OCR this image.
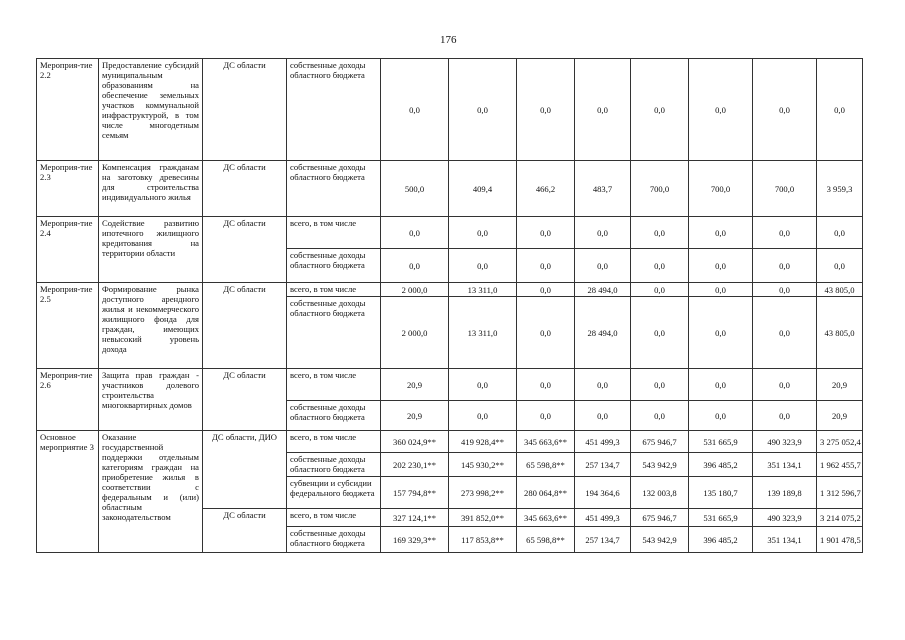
176
Мероприя-тие 2.2	Предоставление субсидий муниципальным образованиям на обеспечение земельных участков коммунальной инфраструктурой, в том числе многодетным семьям	ДС области	собственные доходы областного бюджета	0,0	0,0	0,0	0,0	0,0	0,0	0,0	0,0
Мероприя-тие 2.3	Компенсация гражданам на заготовку древесины для строительства индивидуального жилья	ДС области	собственные доходы областного бюджета	500,0	409,4	466,2	483,7	700,0	700,0	700,0	3 959,3
Мероприя-тие 2.4	Содействие развитию ипотечного жилищного кредитования на территории области	ДС области	всего, в том числе	0,0	0,0	0,0	0,0	0,0	0,0	0,0	0,0
			собственные доходы областного бюджета	0,0	0,0	0,0	0,0	0,0	0,0	0,0	0,0
Мероприя-тие 2.5	Формирование рынка доступного арендного жилья и некоммерческого жилищного фонда для граждан, имеющих невысокий уровень дохода	ДС области	всего, в том числе	2 000,0	13 311,0	0,0	28 494,0	0,0	0,0	0,0	43 805,0
			собственные доходы областного бюджета	2 000,0	13 311,0	0,0	28 494,0	0,0	0,0	0,0	43 805,0
Мероприя-тие 2.6	Защита прав граждан - участников долевого строительства многоквартирных домов	ДС области	всего, в том числе	20,9	0,0	0,0	0,0	0,0	0,0	0,0	20,9
			собственные доходы областного бюджета	20,9	0,0	0,0	0,0	0,0	0,0	0,0	20,9
Основное мероприятие 3	Оказание государственной поддержки отдельным категориям граждан на приобретение жилья в соответствии с федеральным и (или) областным законодательством	ДС области, ДИО	всего, в том числе	360 024,9**	419 928,4**	345 663,6**	451 499,3	675 946,7	531 665,9	490 323,9	3 275 052,4
			собственные доходы областного бюджета	202 230,1**	145 930,2**	65 598,8**	257 134,7	543 942,9	396 485,2	351 134,1	1 962 455,7
			субвенции и субсидии федерального бюджета	157 794,8**	273 998,2**	280 064,8**	194 364,6	132 003,8	135 180,7	139 189,8	1 312 596,7
		ДС области	всего, в том числе	327 124,1**	391 852,0**	345 663,6**	451 499,3	675 946,7	531 665,9	490 323,9	3 214 075,2
			собственные доходы областного бюджета	169 329,3**	117 853,8**	65 598,8**	257 134,7	543 942,9	396 485,2	351 134,1	1 901 478,5
